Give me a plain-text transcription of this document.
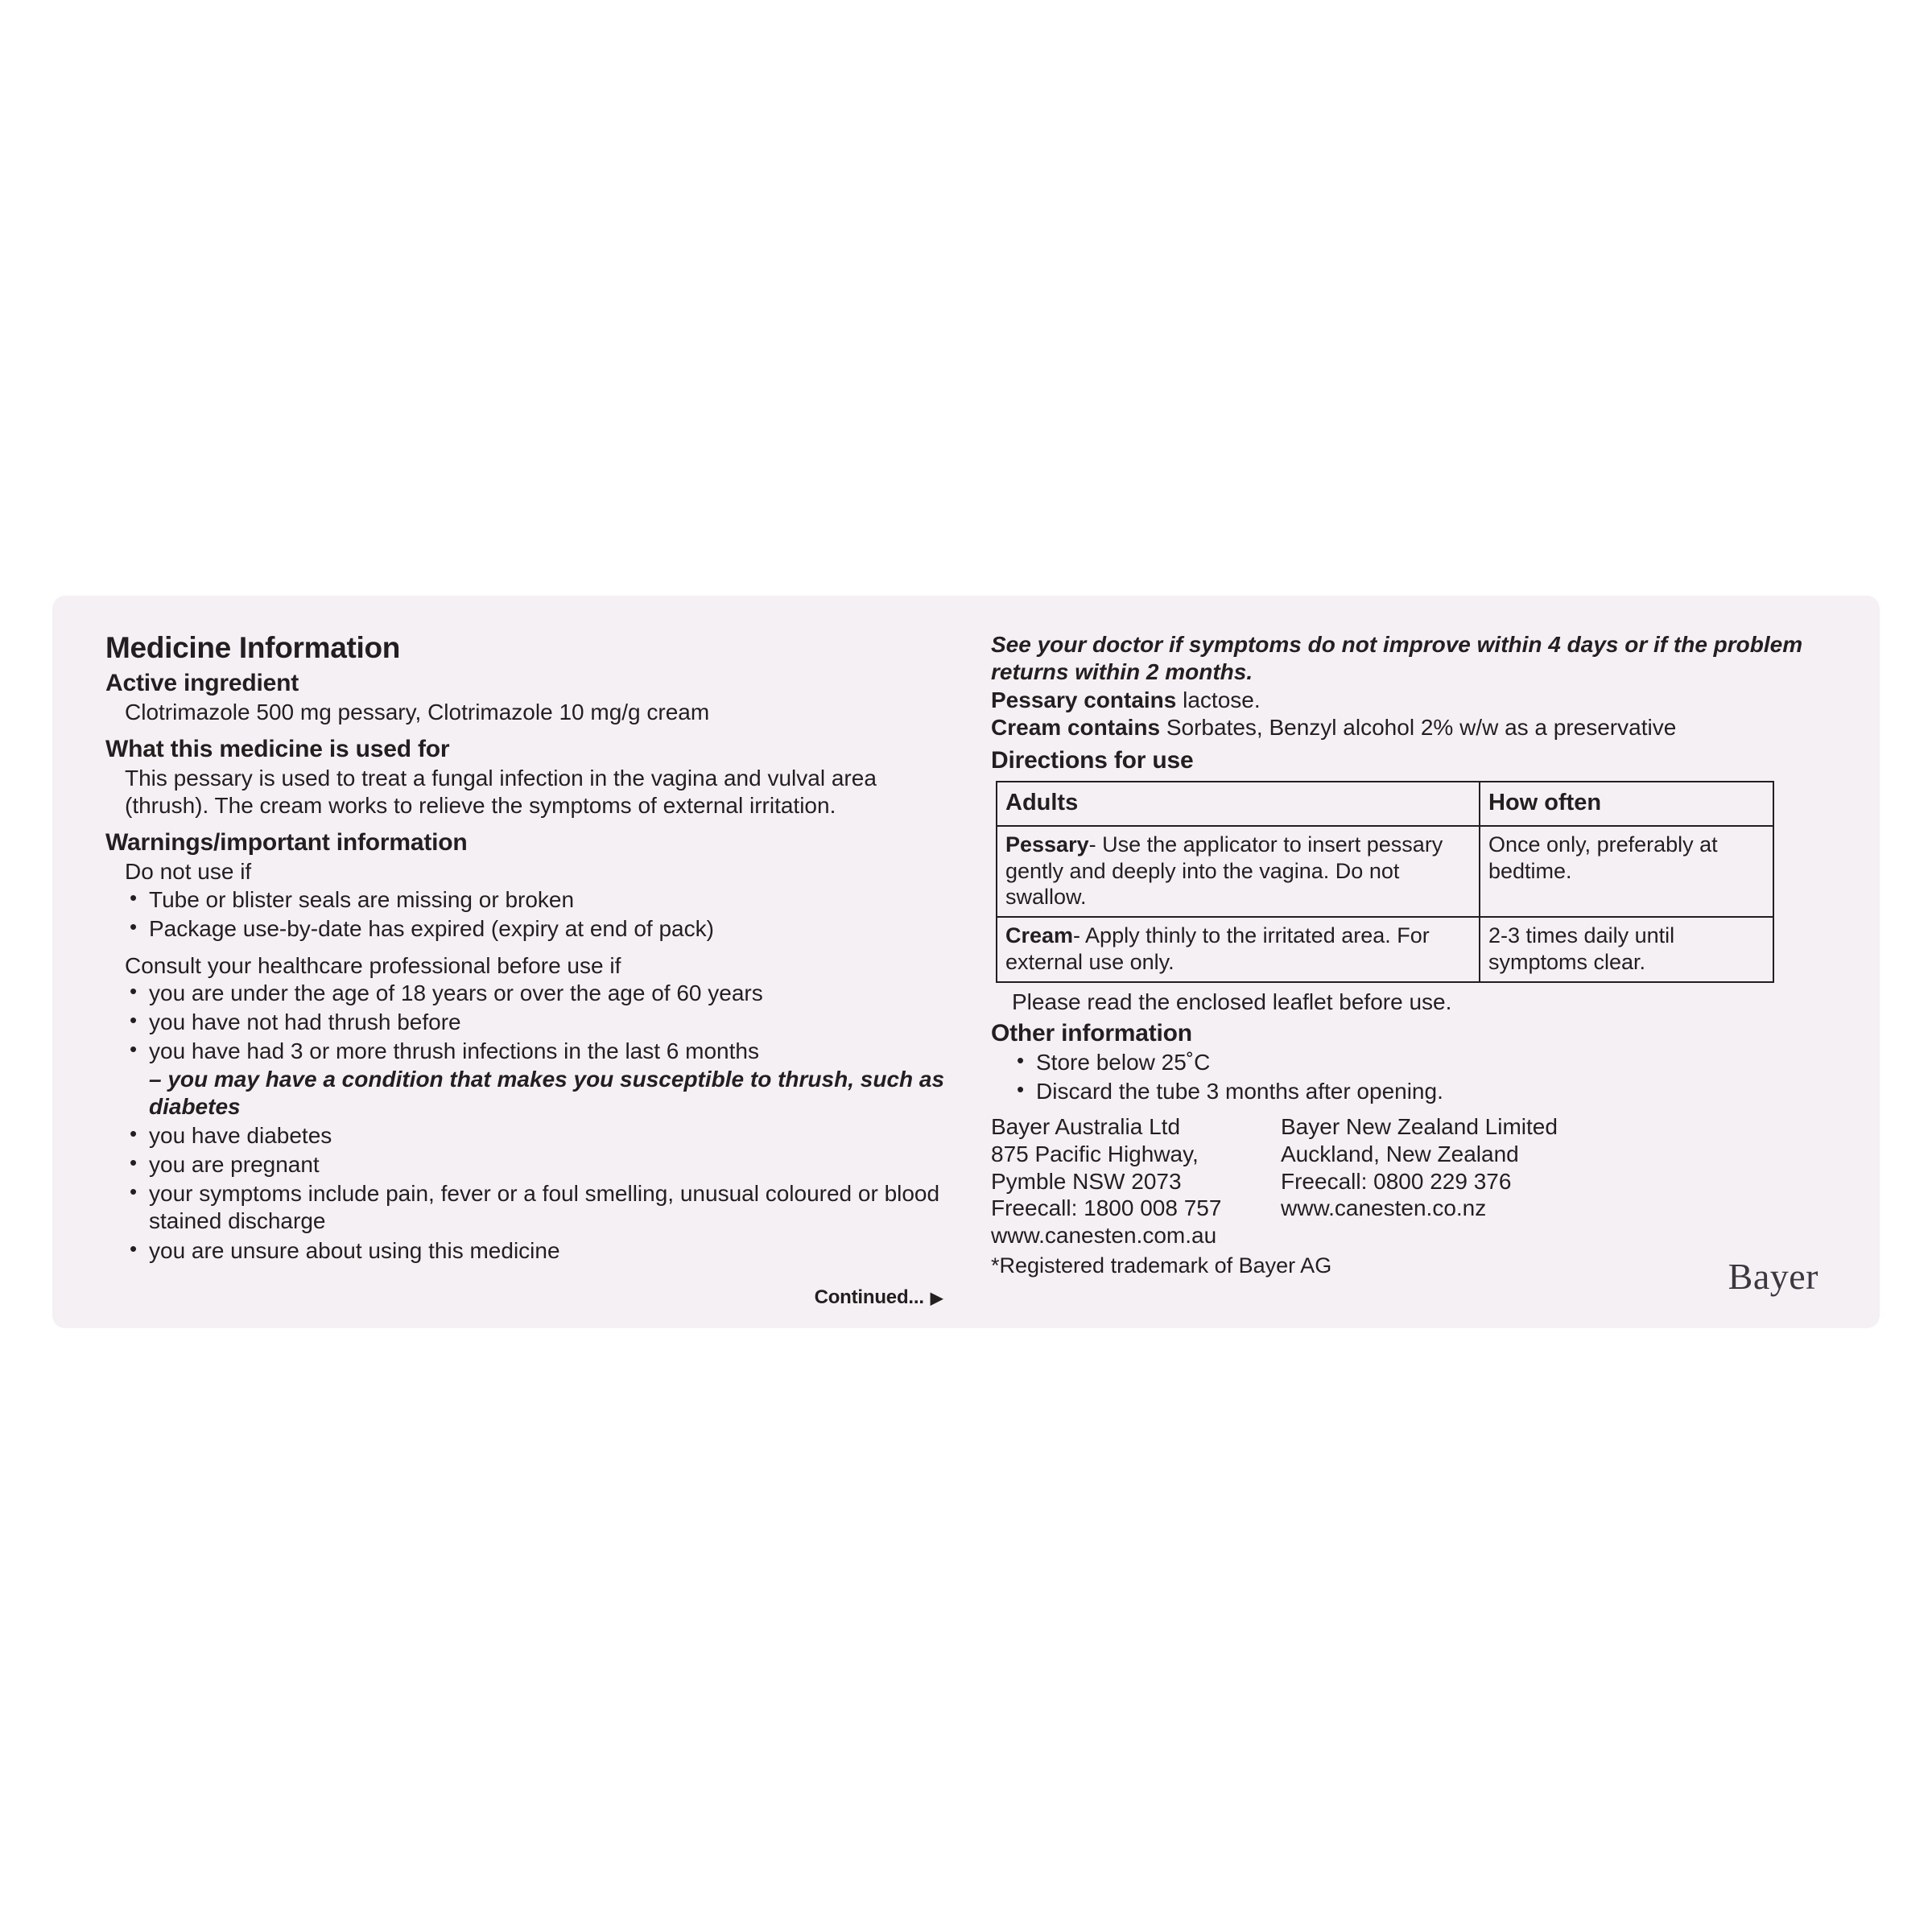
Medicine Information
Active ingredient

Clotrimazole 500 mg pessary, Clotrimazole 10 mg/g cream

What this medicine is used for

This pessary is used to treat a fungal infection in the vagina and vulval area (thrush). The cream works to relieve the symptoms of external irritation.

Warnings/important information

Do not use if

• Tube or blister seals are missing or broken
• Package use-by-date has expired (expiry at end of pack)

Consult your healthcare professional before use if

• you are under the age of 18 years or over the age of 60 years
• you have not had thrush before
• you have had 3 or more thrush infections in the last 6 months
– you may have a condition that makes you susceptible to thrush, such as diabetes
• you have diabetes
• you are pregnant
• your symptoms include pain, fever or a foul smelling, unusual coloured or blood stained discharge
• you are unsure about using this medicine
Continued... ▶

See your doctor if symptoms do not improve within 4 days or if the problem returns within 2 months.

Pessary contains lactose.

Cream contains Sorbates, Benzyl alcohol 2% w/w as a preservative

Directions for use
Adults	How often
Pessary- Use the applicator to insert pessary gently and deeply into the vagina. Do not swallow.	Once only, preferably at bedtime.
Cream- Apply thinly to the irritated area. For external use only.	2-3 times daily until symptoms clear.

Please read the enclosed leaflet before use.

Other information
• Store below 25˚C
• Discard the tube 3 months after opening.
Bayer Australia Ltd
875 Pacific Highway,
Pymble NSW 2073
Freecall: 1800 008 757
www.canesten.com.au
Bayer New Zealand Limited
Auckland, New Zealand
Freecall: 0800 229 376
www.canesten.co.nz

*Registered trademark of Bayer AG	Bayer
